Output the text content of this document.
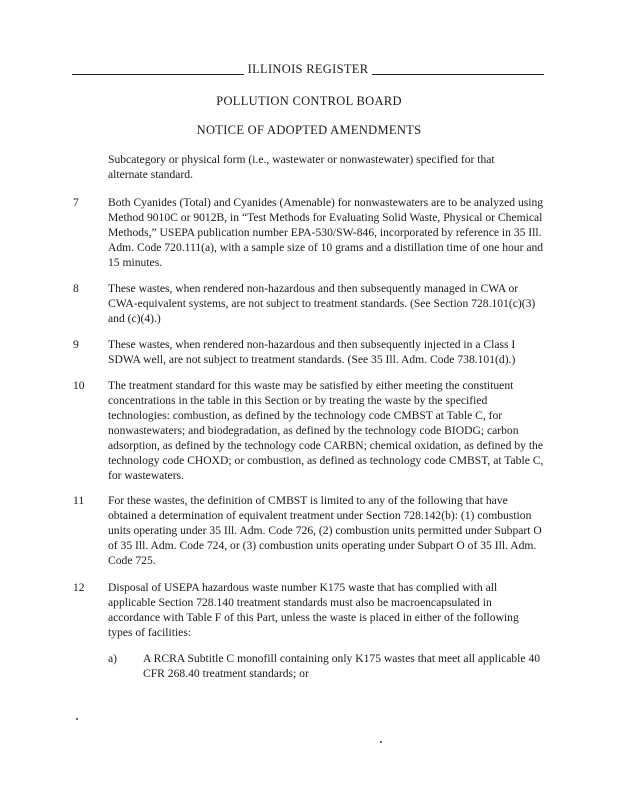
ILLINOIS REGISTER
POLLUTION CONTROL BOARD
NOTICE OF ADOPTED AMENDMENTS
Subcategory or physical form (i.e., wastewater or nonwastewater) specified for that alternate standard.
7	Both Cyanides (Total) and Cyanides (Amenable) for nonwastewaters are to be analyzed using Method 9010C or 9012B, in “Test Methods for Evaluating Solid Waste, Physical or Chemical Methods,” USEPA publication number EPA-530/SW-846, incorporated by reference in 35 Ill. Adm. Code 720.111(a), with a sample size of 10 grams and a distillation time of one hour and 15 minutes.
8	These wastes, when rendered non-hazardous and then subsequently managed in CWA or CWA-equivalent systems, are not subject to treatment standards. (See Section 728.101(c)(3) and (c)(4).)
9	These wastes, when rendered non-hazardous and then subsequently injected in a Class I SDWA well, are not subject to treatment standards. (See 35 Ill. Adm. Code 738.101(d).)
10 The treatment standard for this waste may be satisfied by either meeting the constituent concentrations in the table in this Section or by treating the waste by the specified technologies: combustion, as defined by the technology code CMBST at Table C, for nonwastewaters; and biodegradation, as defined by the technology code BIODG; carbon adsorption, as defined by the technology code CARBN; chemical oxidation, as defined by the technology code CHOXD; or combustion, as defined as technology code CMBST, at Table C, for wastewaters.
11 For these wastes, the definition of CMBST is limited to any of the following that have obtained a determination of equivalent treatment under Section 728.142(b): (1) combustion units operating under 35 Ill. Adm. Code 726, (2) combustion units permitted under Subpart O of 35 Ill. Adm. Code 724, or (3) combustion units operating under Subpart O of 35 Ill. Adm. Code 725.
12 Disposal of USEPA hazardous waste number K175 waste that has complied with all applicable Section 728.140 treatment standards must also be macroencapsulated in accordance with Table F of this Part, unless the waste is placed in either of the following types of facilities:
a) A RCRA Subtitle C monofill containing only K175 wastes that meet all applicable 40 CFR 268.40 treatment standards; or
